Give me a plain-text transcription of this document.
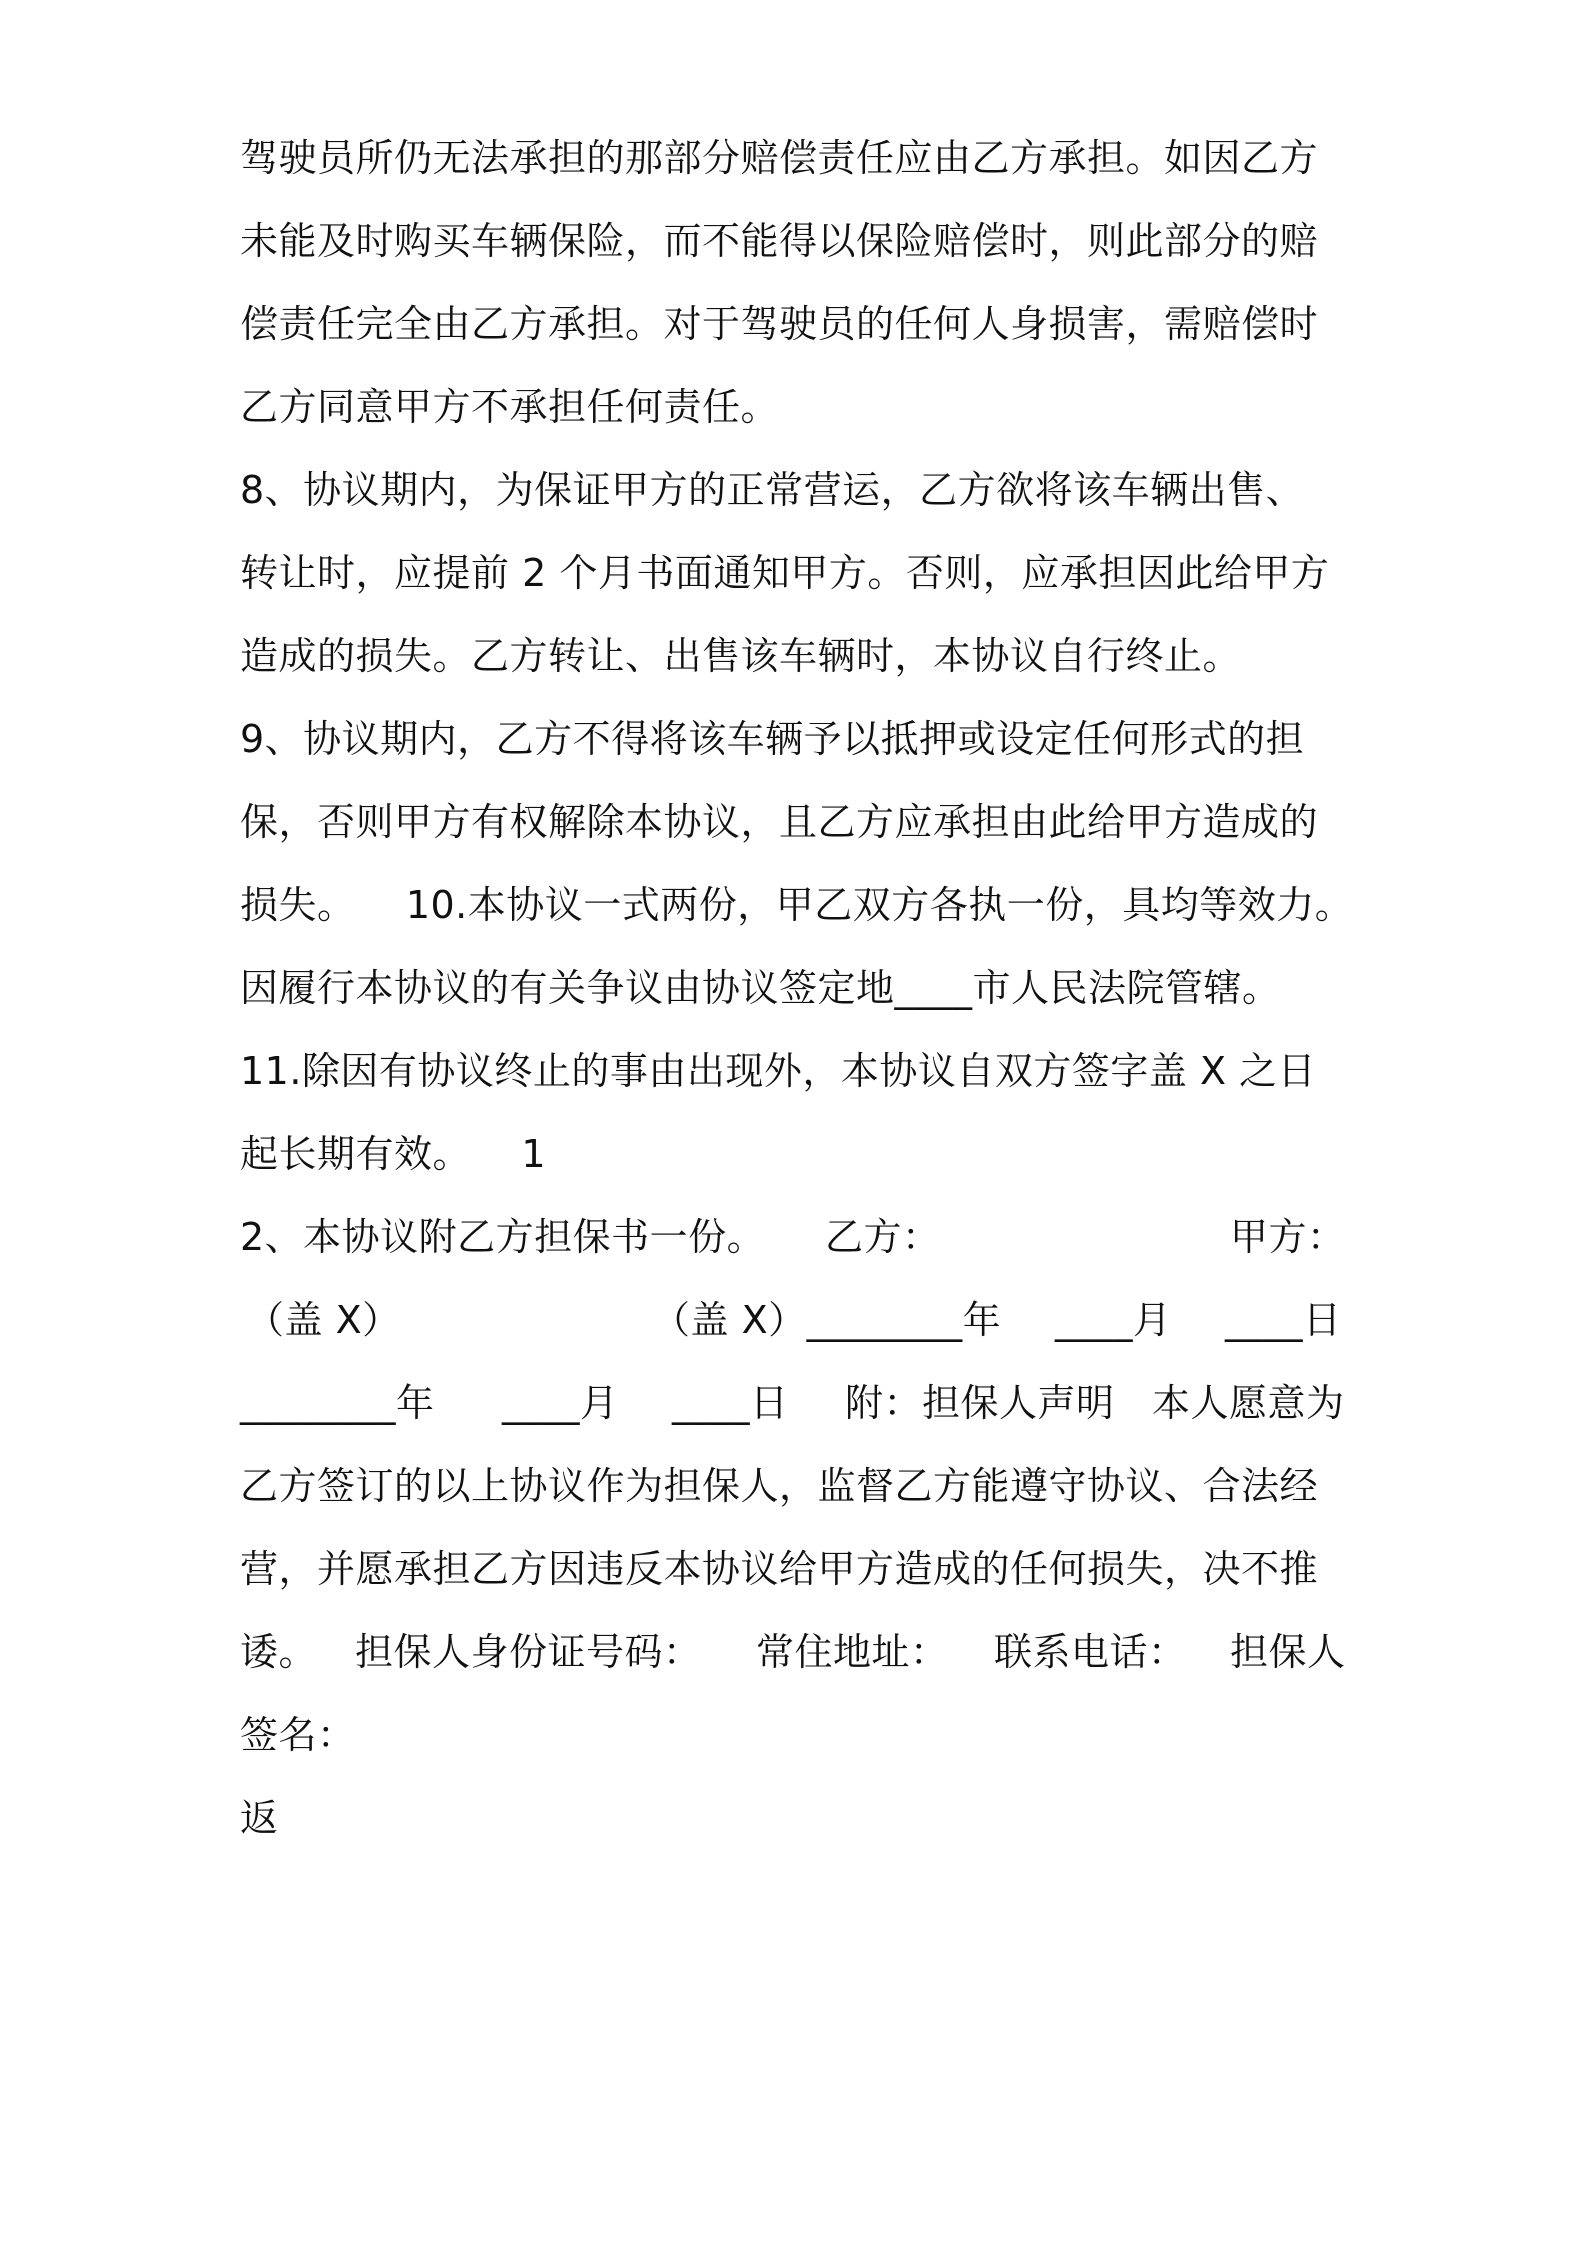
驾驶员所仍无法承担的那部分赔偿责任应由乙方承担。如因乙方
未能及时购买车辆保险，而不能得以保险赔偿时，则此部分的赔
偿责任完全由乙方承担。对于驾驶员的任何人身损害，需赔偿时
乙方同意甲方不承担任何责任。
8、协议期内，为保证甲方的正常营运，乙方欲将该车辆出售、
转让时，应提前 2 个月书面通知甲方。否则，应承担因此给甲方
造成的损失。乙方转让、出售该车辆时，本协议自行终止。
9、协议期内，乙方不得将该车辆予以抵押或设定任何形式的担
保，否则甲方有权解除本协议，且乙方应承担由此给甲方造成的
损失。    10.本协议一式两份，甲乙双方各执一份，具均等效力。
因履行本协议的有关争议由协议签定地____市人民法院管辖。
11.除因有协议终止的事由出现外，本协议自双方签字盖 X 之日
起长期有效。    1

2、本协议附乙方担保书一份。

乙方：

	甲方：

（盖 X）

	（盖 X）________年

____月

____日

________年

____月

____日

附：担保人声明

本人愿意为

乙方签订的以上协议作为担保人，监督乙方能遵守协议、合法经
营，并愿承担乙方因违反本协议给甲方造成的任何损失，决不推

诿。

担保人身份证号码：

常住地址：

联系电话：

担保人

签名：
返
